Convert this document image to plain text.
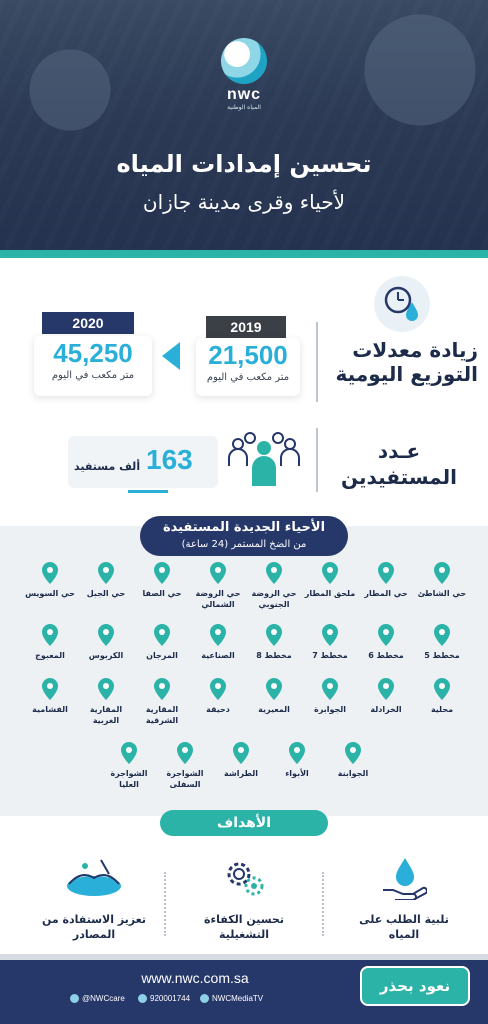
nwc
المياه الوطنية
تحسين إمدادات المياه
لأحياء وقرى مدينة جازان
زيادة معدلات
التوزيع اليومية
2019
21,500
متر مكعب في اليوم
2020
45,250
متر مكعب في اليوم
عـدد
المستفيدين
163
ألف مستفيد
الأحياء الجديدة المستفيدة
من الضخ المستمر (24 ساعة)
حي الشاطئ
حي المطار
ملحق المطار
حي الروضة الجنوبي
حي الروضة الشمالي
حي الصفا
حي الجبل
حي السويس
مخطط 5
مخطط 6
مخطط 7
مخطط 8
الصناعية
المرجان
الكربوس
المعبوج
محلية
الخرادلة
الجوابرة
المعيرية
دحيقة
المقارية الشرقية
المقارية الغربية
الفشامية
الجوابنة
الأبواء
الطراشة
الشواجرة السفلى
الشواجرة العليا
الأهداف
تلبية الطلب على المياه
تحسين الكفاءة التشغيلية
تعزيز الاستفادة من المصادر
www.nwc.com.sa
@NWCcare	920001744	NWCMediaTV
نعود بحذر
